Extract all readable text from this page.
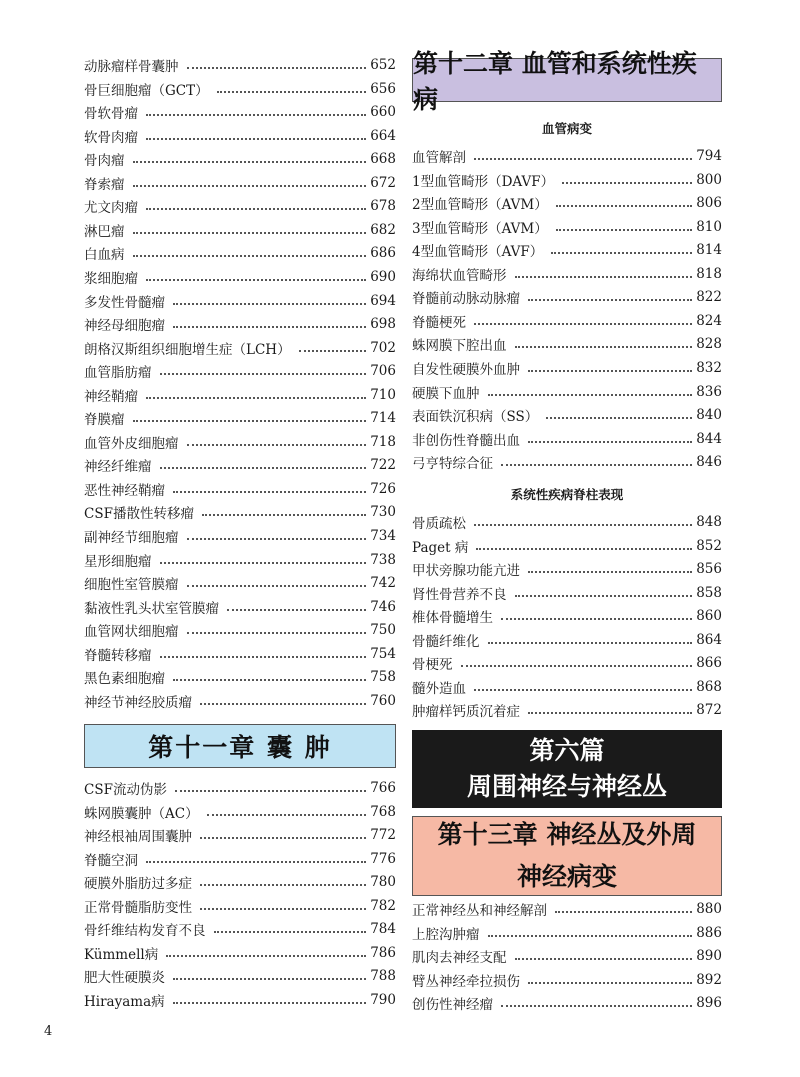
第十一章 囊 肿
动脉瘤样骨囊肿	652
骨巨细胞瘤（GCT）	656
骨软骨瘤	660
软骨肉瘤	664
骨肉瘤	668
脊索瘤	672
尤文肉瘤	678
淋巴瘤	682
白血病	686
浆细胞瘤	690
多发性骨髓瘤	694
神经母细胞瘤	698
朗格汉斯组织细胞增生症（LCH）	702
血管脂肪瘤	706
神经鞘瘤	710
脊膜瘤	714
血管外皮细胞瘤	718
神经纤维瘤	722
恶性神经鞘瘤	726
CSF播散性转移瘤	730
副神经节细胞瘤	734
星形细胞瘤	738
细胞性室管膜瘤	742
黏液性乳头状室管膜瘤	746
血管网状细胞瘤	750
脊髓转移瘤	754
黑色素细胞瘤	758
神经节神经胶质瘤	760
CSF流动伪影	766
蛛网膜囊肿（AC）	768
神经根袖周围囊肿	772
脊髓空洞	776
硬膜外脂肪过多症	780
正常骨髓脂肪变性	782
骨纤维结构发育不良	784
Kümmell病	786
肥大性硬膜炎	788
Hirayama病	790
第十二章 血管和系统性疾病
血管病变
系统性疾病脊柱表现
第六篇
周围神经与神经丛
第十三章 神经丛及外周
神经病变
血管解剖	794
1型血管畸形（DAVF）	800
2型血管畸形（AVM）	806
3型血管畸形（AVM）	810
4型血管畸形（AVF）	814
海绵状血管畸形	818
脊髓前动脉动脉瘤	822
脊髓梗死	824
蛛网膜下腔出血	828
自发性硬膜外血肿	832
硬膜下血肿	836
表面铁沉积病（SS）	840
非创伤性脊髓出血	844
弓亨特综合征	846
骨质疏松	848
Paget 病	852
甲状旁腺功能亢进	856
肾性骨营养不良	858
椎体骨髓增生	860
骨髓纤维化	864
骨梗死	866
髓外造血	868
肿瘤样钙质沉着症	872
正常神经丛和神经解剖	880
上腔沟肿瘤	886
肌肉去神经支配	890
臂丛神经牵拉损伤	892
创伤性神经瘤	896
4
